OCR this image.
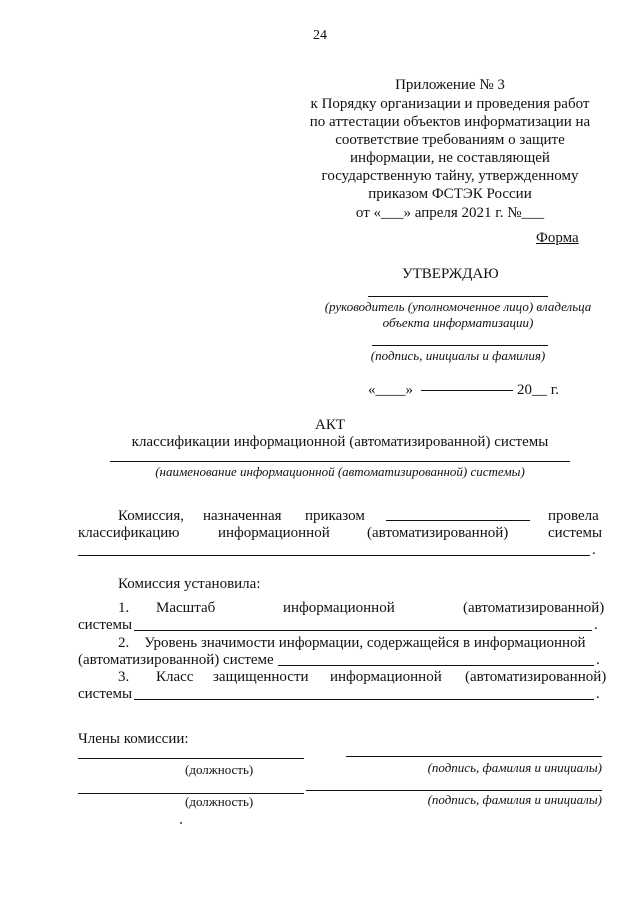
24
Приложение № 3
к Порядку организации и проведения работ
по аттестации объектов информатизации на
соответствие требованиям о защите
информации, не составляющей
государственную тайну, утвержденному
приказом ФСТЭК России
от «___» апреля 2021 г. №___
Форма
УТВЕРЖДАЮ
(руководитель (уполномоченное лицо) владельца
объекта информатизации)
(подпись, инициалы и фамилия)
«____»	20__ г.
АКТ
классификации информационной (автоматизированной) системы
(наименование информационной (автоматизированной) системы)
Комиссия, назначенная приказом	провела
классификацию	информационной (автоматизированной)	системы
.
Комиссия установила:
1. Масштаб	информационной	(автоматизированной)
системы	.
2.    Уровень значимости информации, содержащейся в информационной
(автоматизированной) системе	.
3. Класс защищенности информационной (автоматизированной)
системы	.
Члены комиссии:
(должность)	(подпись, фамилия и инициалы)
(должность)	(подпись, фамилия и инициалы)
